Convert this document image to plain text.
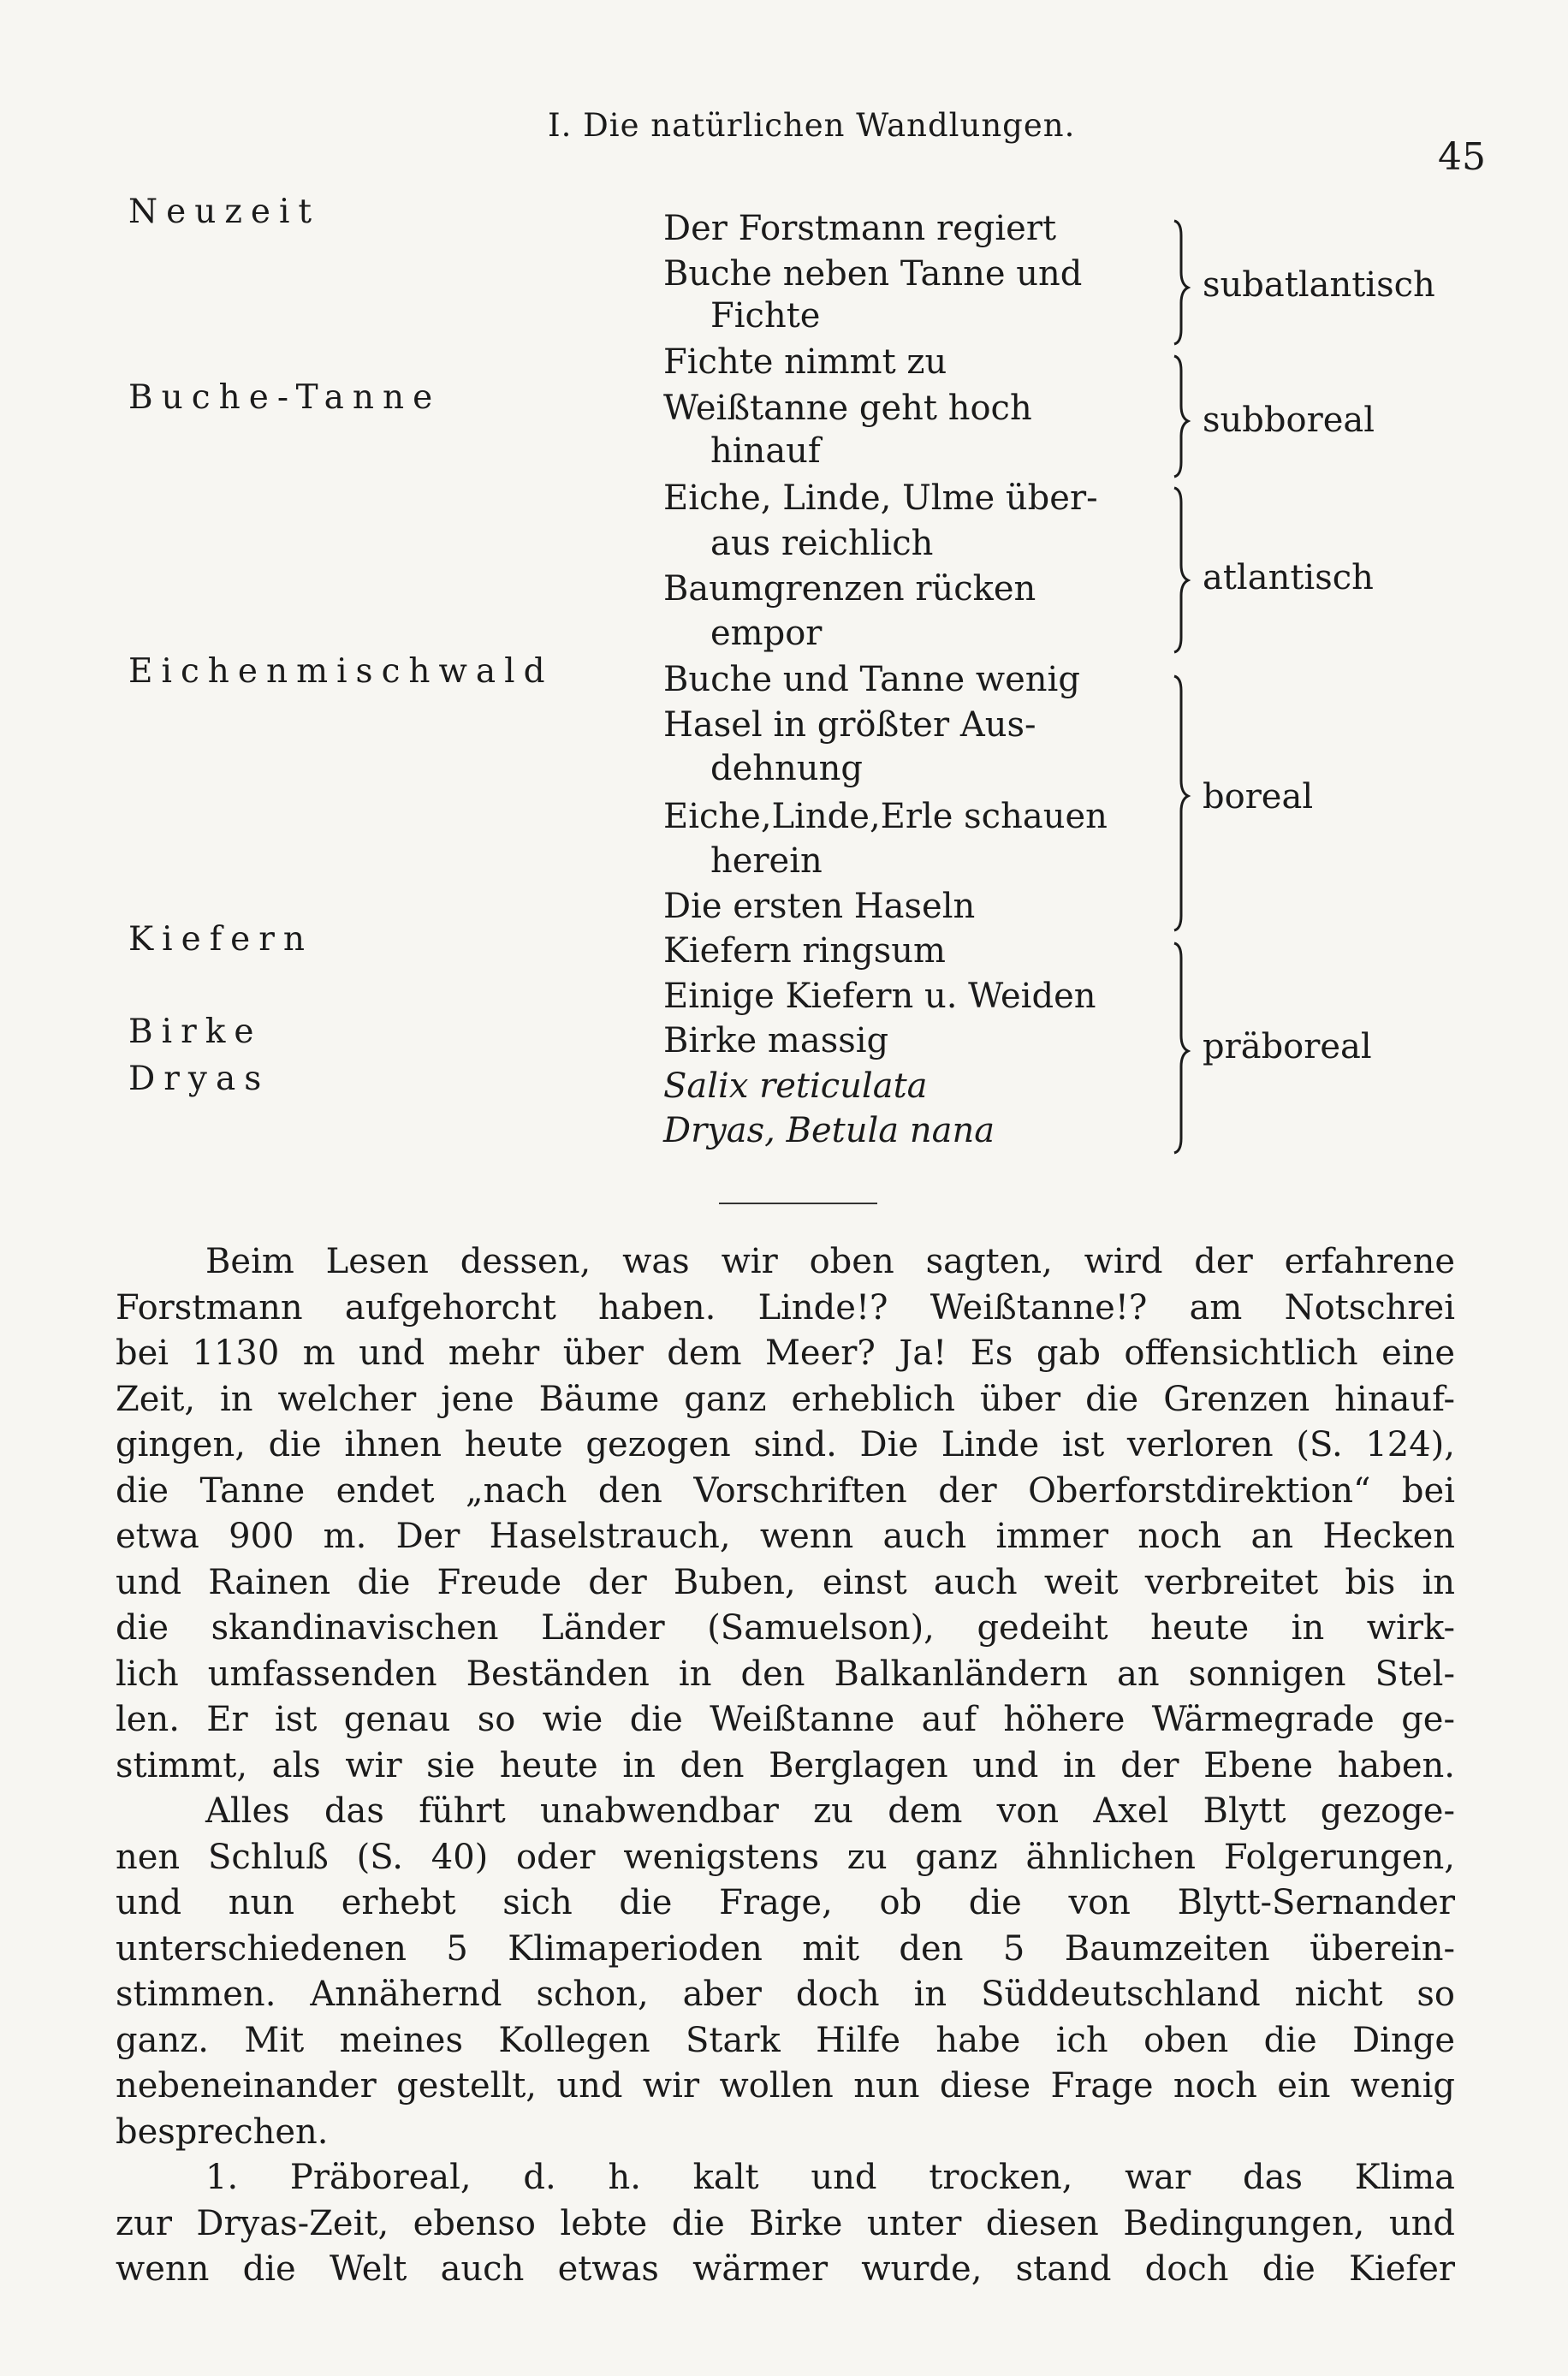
I. Die natürlichen Wandlungen.
45
Neuzeit
Buche-Tanne
Eichenmischwald
Kiefern
Birke
Dryas
Der Forstmann regiert
Buche neben Tanne und
Fichte
Fichte nimmt zu
Weißtanne geht hoch
hinauf
Eiche, Linde, Ulme über-
aus reichlich
Baumgrenzen rücken
empor
Buche und Tanne wenig
Hasel in größter Aus-
dehnung
Eiche,Linde,Erle schauen
herein
Die ersten Haseln
Kiefern ringsum
Einige Kiefern u. Weiden
Birke massig
Salix reticulata
Dryas, Betula nana
subatlantisch
subboreal
atlantisch
boreal
präboreal
Beim Lesen dessen, was wir oben sagten, wird der erfahrene
Forstmann aufgehorcht haben. Linde!? Weißtanne!? am Notschrei
bei 1130 m und mehr über dem Meer? Ja! Es gab offensichtlich eine
Zeit, in welcher jene Bäume ganz erheblich über die Grenzen hinauf-
gingen, die ihnen heute gezogen sind. Die Linde ist verloren (S. 124),
die Tanne endet „nach den Vorschriften der Oberforstdirektion“ bei
etwa 900 m. Der Haselstrauch, wenn auch immer noch an Hecken
und Rainen die Freude der Buben, einst auch weit verbreitet bis in
die skandinavischen Länder (Samuelson), gedeiht heute in wirk-
lich umfassenden Beständen in den Balkanländern an sonnigen Stel-
len. Er ist genau so wie die Weißtanne auf höhere Wärmegrade ge-
stimmt, als wir sie heute in den Berglagen und in der Ebene haben.
Alles das führt unabwendbar zu dem von Axel Blytt gezoge-
nen Schluß (S. 40) oder wenigstens zu ganz ähnlichen Folgerungen,
und nun erhebt sich die Frage, ob die von Blytt-Sernander
unterschiedenen 5 Klimaperioden mit den 5 Baumzeiten überein-
stimmen. Annähernd schon, aber doch in Süddeutschland nicht so
ganz. Mit meines Kollegen Stark Hilfe habe ich oben die Dinge
nebeneinander gestellt, und wir wollen nun diese Frage noch ein wenig
besprechen.
1. Präboreal, d. h. kalt und trocken, war das Klima
zur Dryas-Zeit, ebenso lebte die Birke unter diesen Bedingungen, und
wenn die Welt auch etwas wärmer wurde, stand doch die Kiefer
